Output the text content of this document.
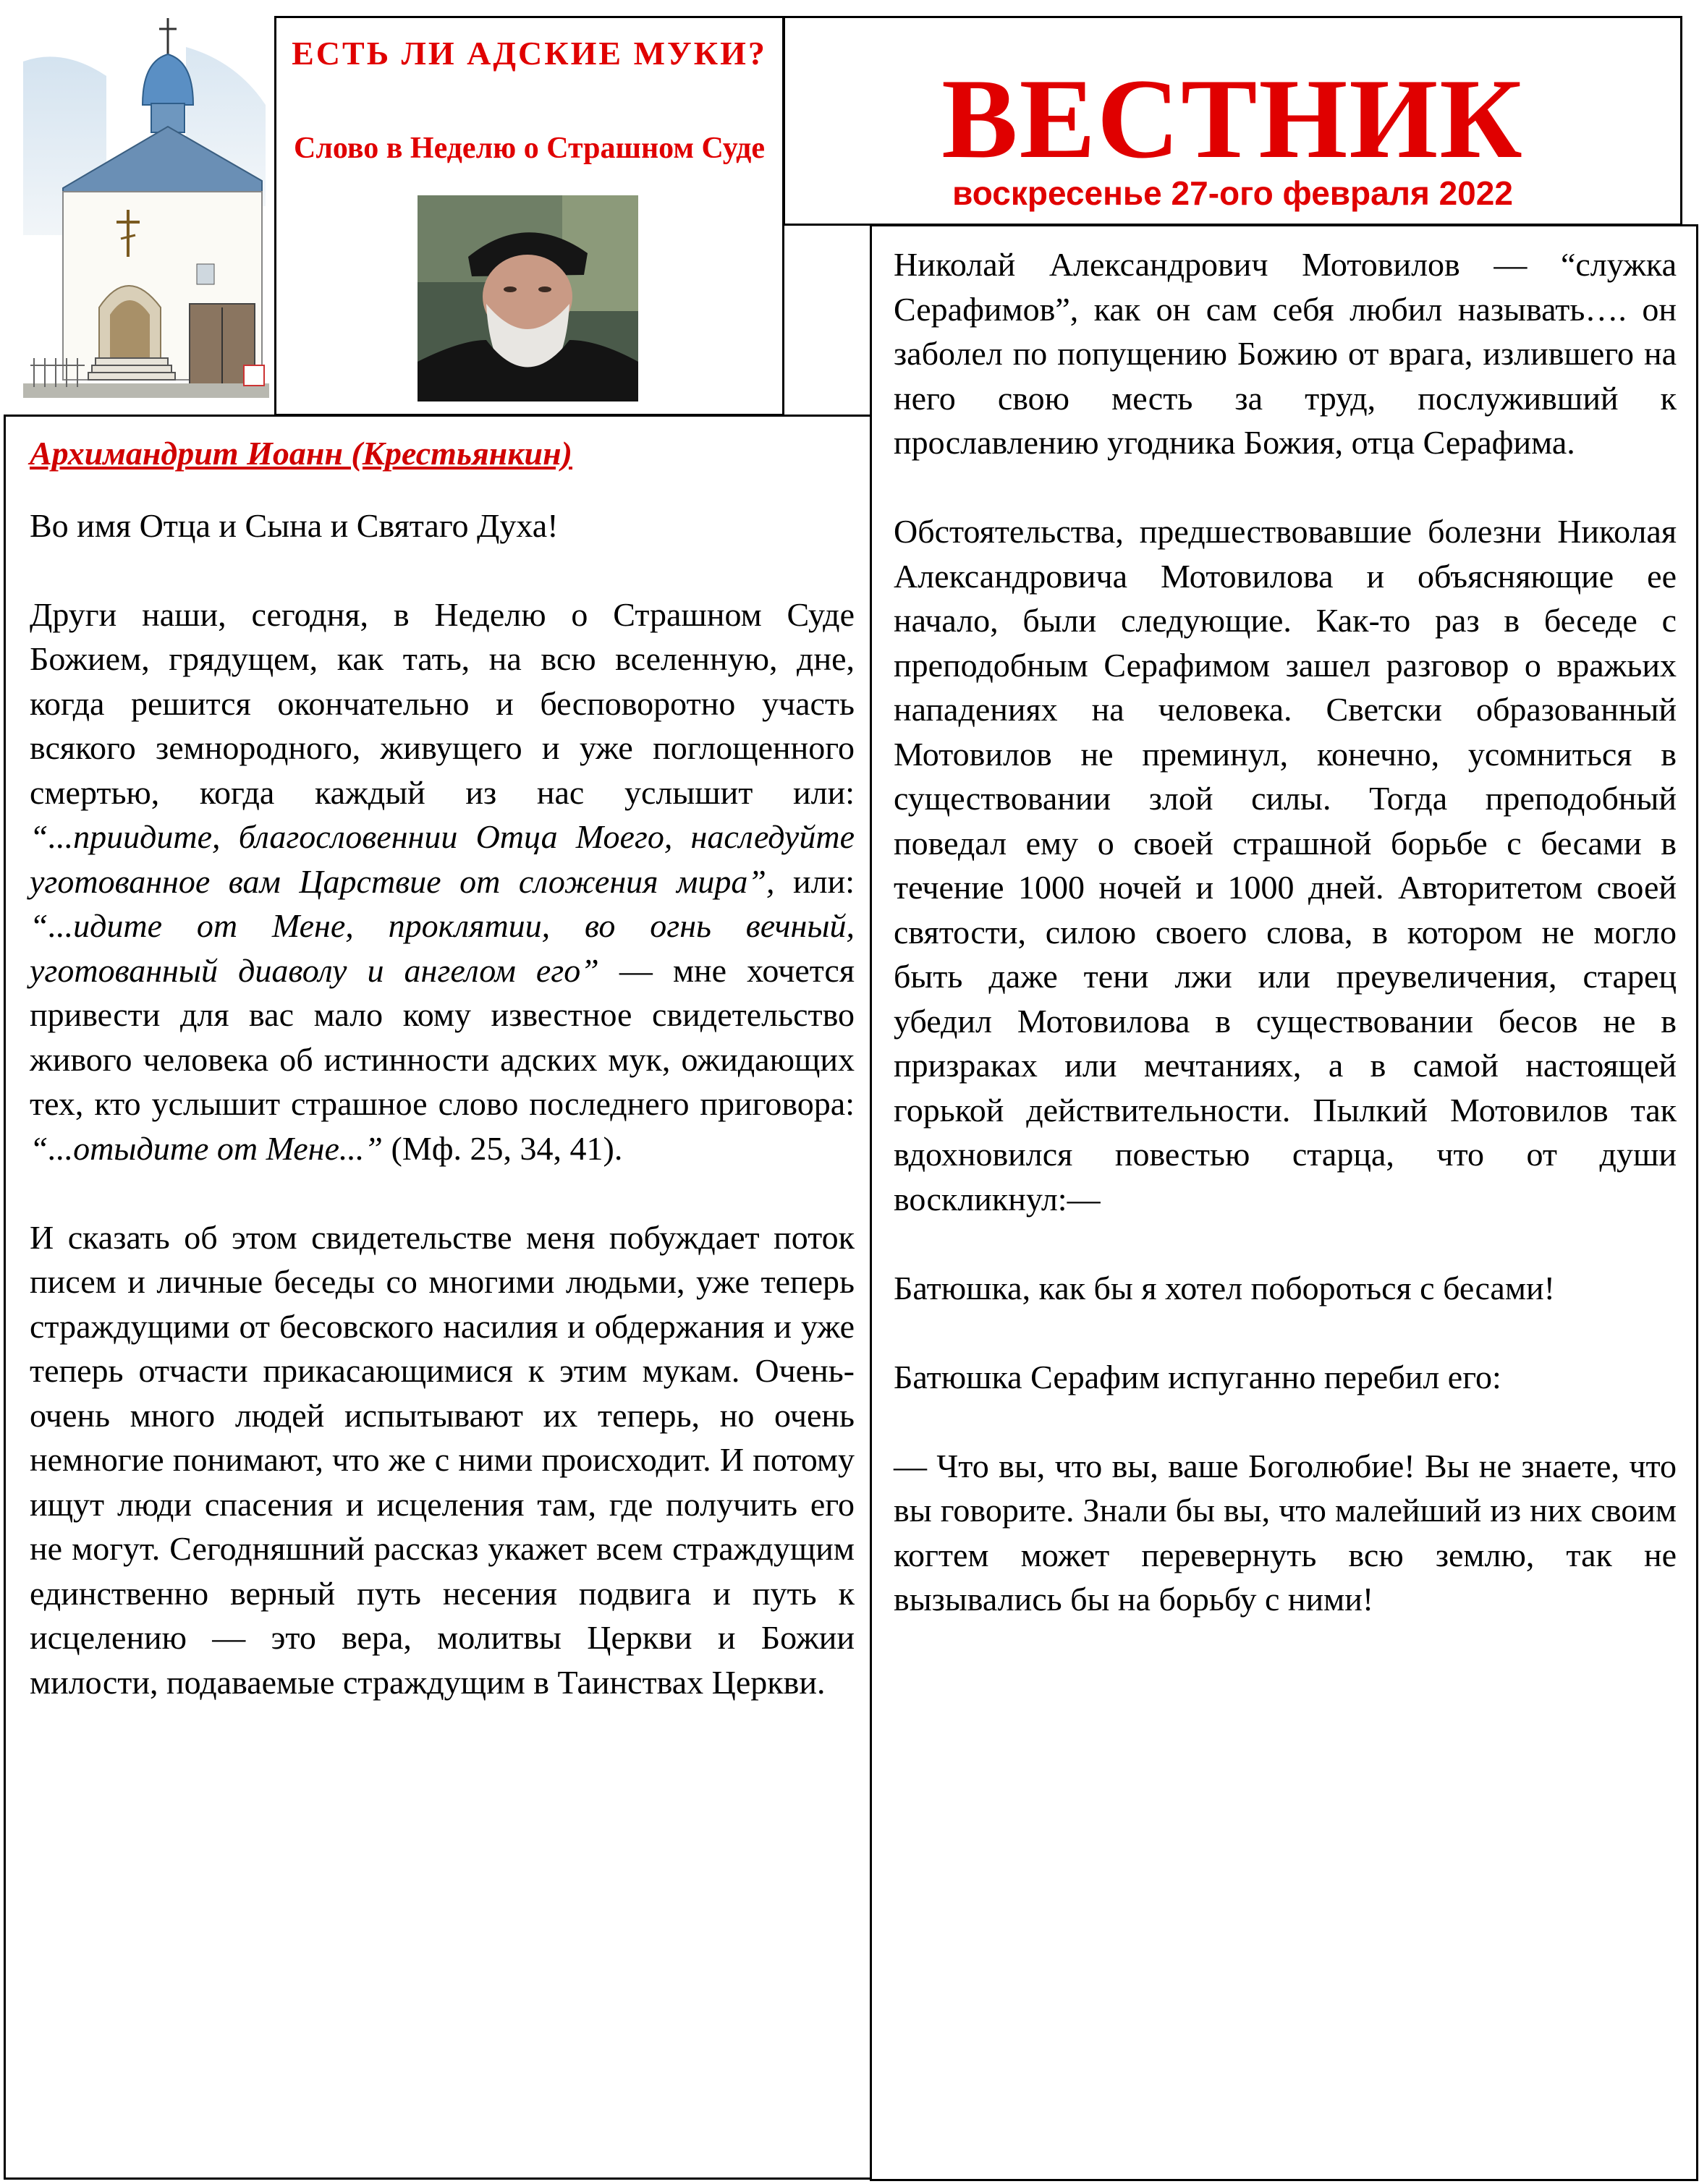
ЕСТЬ ЛИ АДСКИЕ МУКИ?
Слово в Неделю о Страшном Суде	ВЕСТНИК
воскресенье 27-ого февраля 2022

Архимандрит Иоанн (Крестьянкин)

Во имя Отца и Сына и Святаго Духа!

Други наши, сегодня, в Неделю о Страшном Суде Божием, грядущем, как тать, на всю вселенную, дне, когда решится окончательно и бесповоротно участь всякого земнородного, живущего и уже поглощенного смертью, когда каждый из нас услышит или: “...приидите, благословеннии Отца Моего, наследуйте уготованное вам Царствие от сложения мира”, или: “...идите от Мене, проклятии, во огнь вечный, уготованный диаволу и ангелом его” — мне хочется привести для вас мало кому известное свидетельство живого человека об истинности адских мук, ожидающих тех, кто услышит страшное слово последнего приговора: “...отыдите от Мене...” (Мф. 25, 34, 41).

И сказать об этом свидетельстве меня побуждает поток писем и личные беседы со многими людьми, уже теперь страждущими от бесовского насилия и обдержания и уже теперь отчасти прикасающимися к этим мукам. Очень-очень много людей испытывают их теперь, но очень немногие понимают, что же с ними происходит. И потому ищут люди спасения и исцеления там, где получить его не могут. Сегодняшний рассказ укажет всем страждущим единственно верный путь несения подвига и путь к исцелению — это вера, молитвы Церкви и Божии милости, подаваемые страждущим в Таинствах Церкви.

Николай Александрович Мотовилов — “служка Серафимов”, как он сам себя любил называть…. он заболел по попущению Божию от врага, излившего на него свою месть за труд, послуживший к прославлению угодника Божия, отца Серафима.

Обстоятельства, предшествовавшие болезни Николая Александровича Мотовилова и объясняющие ее начало, были следующие. Как-то раз в беседе с преподобным Серафимом зашел разговор о вражьих нападениях на человека. Светски образованный Мотовилов не преминул, конечно, усомниться в существовании злой силы. Тогда преподобный поведал ему о своей страшной борьбе с бесами в течение 1000 ночей и 1000 дней. Авторитетом своей святости, силою своего слова, в котором не могло быть даже тени лжи или преувеличения, старец убедил Мотовилова в существовании бесов не в призраках или мечтаниях, а в самой настоящей горькой действительности. Пылкий Мотовилов так вдохновился повестью старца, что от души воскликнул:—

Батюшка, как бы я хотел побороться с бесами!

Батюшка Серафим испуганно перебил его:

— Что вы, что вы, ваше Боголюбие! Вы не знаете, что вы говорите. Знали бы вы, что малейший из них своим когтем может перевернуть всю землю, так не вызывались бы на борьбу с ними!
